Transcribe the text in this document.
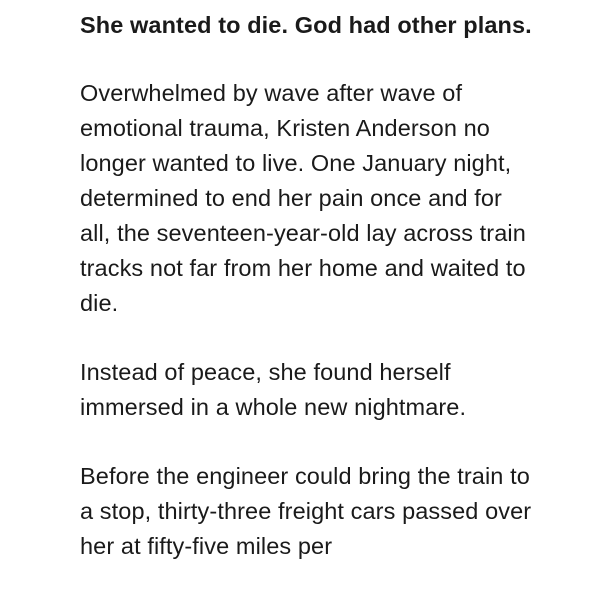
She wanted to die. God had other plans.

Overwhelmed by wave after wave of emotional trauma, Kristen Anderson no longer wanted to live. One January night, determined to end her pain once and for all, the seventeen-year-old lay across train tracks not far from her home and waited to die.

Instead of peace, she found herself immersed in a whole new nightmare.

Before the engineer could bring the train to a stop, thirty-three freight cars passed over her at fifty-five miles per
